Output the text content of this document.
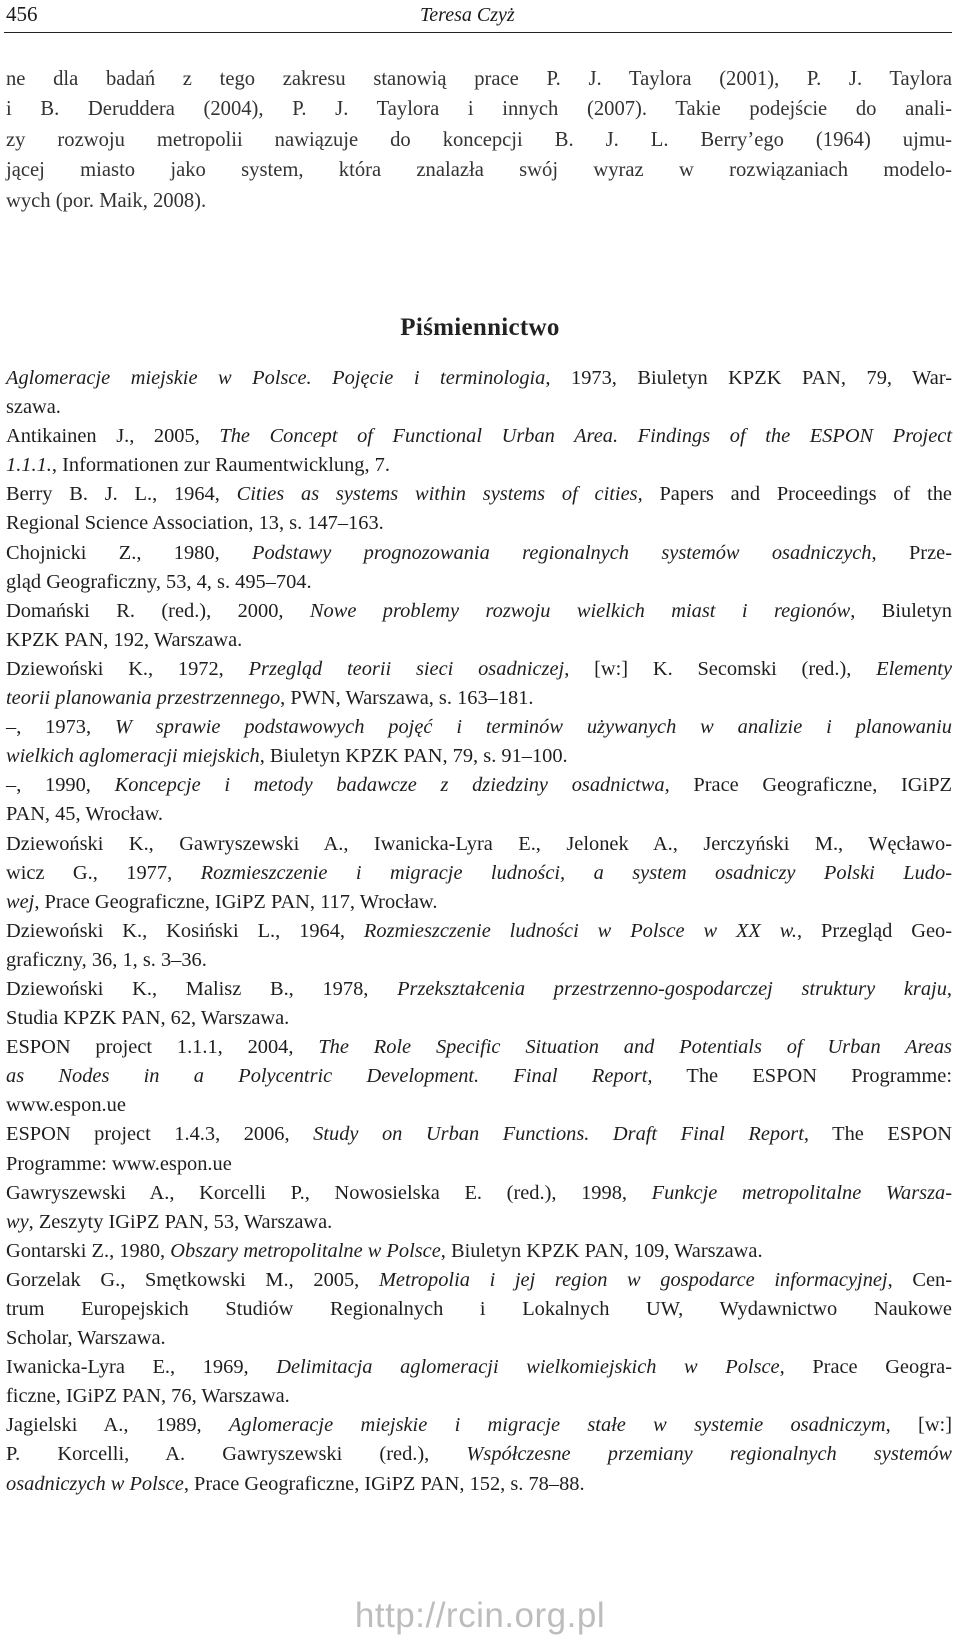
456	Teresa Czyż
ne dla badań z tego zakresu stanowią prace P. J. Taylora (2001), P. J. Taylora
i B. Deruddera (2004), P. J. Taylora i innych (2007). Takie podejście do anali-
zy rozwoju metropolii nawiązuje do koncepcji B. J. L. Berry’ego (1964) ujmu-
jącej miasto jako system, która znalazła swój wyraz w rozwiązaniach modelo-
wych (por. Maik, 2008).
Piśmiennictwo

Aglomeracje miejskie w Polsce. Pojęcie i terminologia, 1973, Biuletyn KPZK PAN, 79, War-
szawa.

Antikainen J., 2005, The Concept of Functional Urban Area. Findings of the ESPON Project
1.1.1., Informationen zur Raumentwicklung, 7.

Berry B. J. L., 1964, Cities as systems within systems of cities, Papers and Proceedings of the
Regional Science Association, 13, s. 147–163.

Chojnicki Z., 1980, Podstawy prognozowania regionalnych systemów osadniczych, Prze-
gląd Geograficzny, 53, 4, s. 495–704.

Domański R. (red.), 2000, Nowe problemy rozwoju wielkich miast i regionów, Biuletyn
KPZK PAN, 192, Warszawa.

Dziewoński K., 1972, Przegląd teorii sieci osadniczej, [w:] K. Secomski (red.), Elementy
teorii planowania przestrzennego, PWN, Warszawa, s. 163–181.

–, 1973, W sprawie podstawowych pojęć i terminów używanych w analizie i planowaniu
wielkich aglomeracji miejskich, Biuletyn KPZK PAN, 79, s. 91–100.

–, 1990, Koncepcje i metody badawcze z dziedziny osadnictwa, Prace Geograficzne, IGiPZ
PAN, 45, Wrocław.

Dziewoński K., Gawryszewski A., Iwanicka-Lyra E., Jelonek A., Jerczyński M., Węcławo-
wicz G., 1977, Rozmieszczenie i migracje ludności, a system osadniczy Polski Ludo-
wej, Prace Geograficzne, IGiPZ PAN, 117, Wrocław.

Dziewoński K., Kosiński L., 1964, Rozmieszczenie ludności w Polsce w XX w., Przegląd Geo-
graficzny, 36, 1, s. 3–36.

Dziewoński K., Malisz B., 1978, Przekształcenia przestrzenno-gospodarczej struktury kraju,
Studia KPZK PAN, 62, Warszawa.

ESPON project 1.1.1, 2004, The Role Specific Situation and Potentials of Urban Areas
as Nodes in a Polycentric Development. Final Report, The ESPON Programme:
www.espon.ue

ESPON project 1.4.3, 2006, Study on Urban Functions. Draft Final Report, The ESPON
Programme: www.espon.ue

Gawryszewski A., Korcelli P., Nowosielska E. (red.), 1998, Funkcje metropolitalne Warsza-
wy, Zeszyty IGiPZ PAN, 53, Warszawa.

Gontarski Z., 1980, Obszary metropolitalne w Polsce, Biuletyn KPZK PAN, 109, Warszawa.

Gorzelak G., Smętkowski M., 2005, Metropolia i jej region w gospodarce informacyjnej, Cen-
trum Europejskich Studiów Regionalnych i Lokalnych UW, Wydawnictwo Naukowe
Scholar, Warszawa.

Iwanicka-Lyra E., 1969, Delimitacja aglomeracji wielkomiejskich w Polsce, Prace Geogra-
ficzne, IGiPZ PAN, 76, Warszawa.

Jagielski A., 1989, Aglomeracje miejskie i migracje stałe w systemie osadniczym, [w:]
P. Korcelli, A. Gawryszewski (red.), Współczesne przemiany regionalnych systemów
osadniczych w Polsce, Prace Geograficzne, IGiPZ PAN, 152, s. 78–88.

http://rcin.org.pl
